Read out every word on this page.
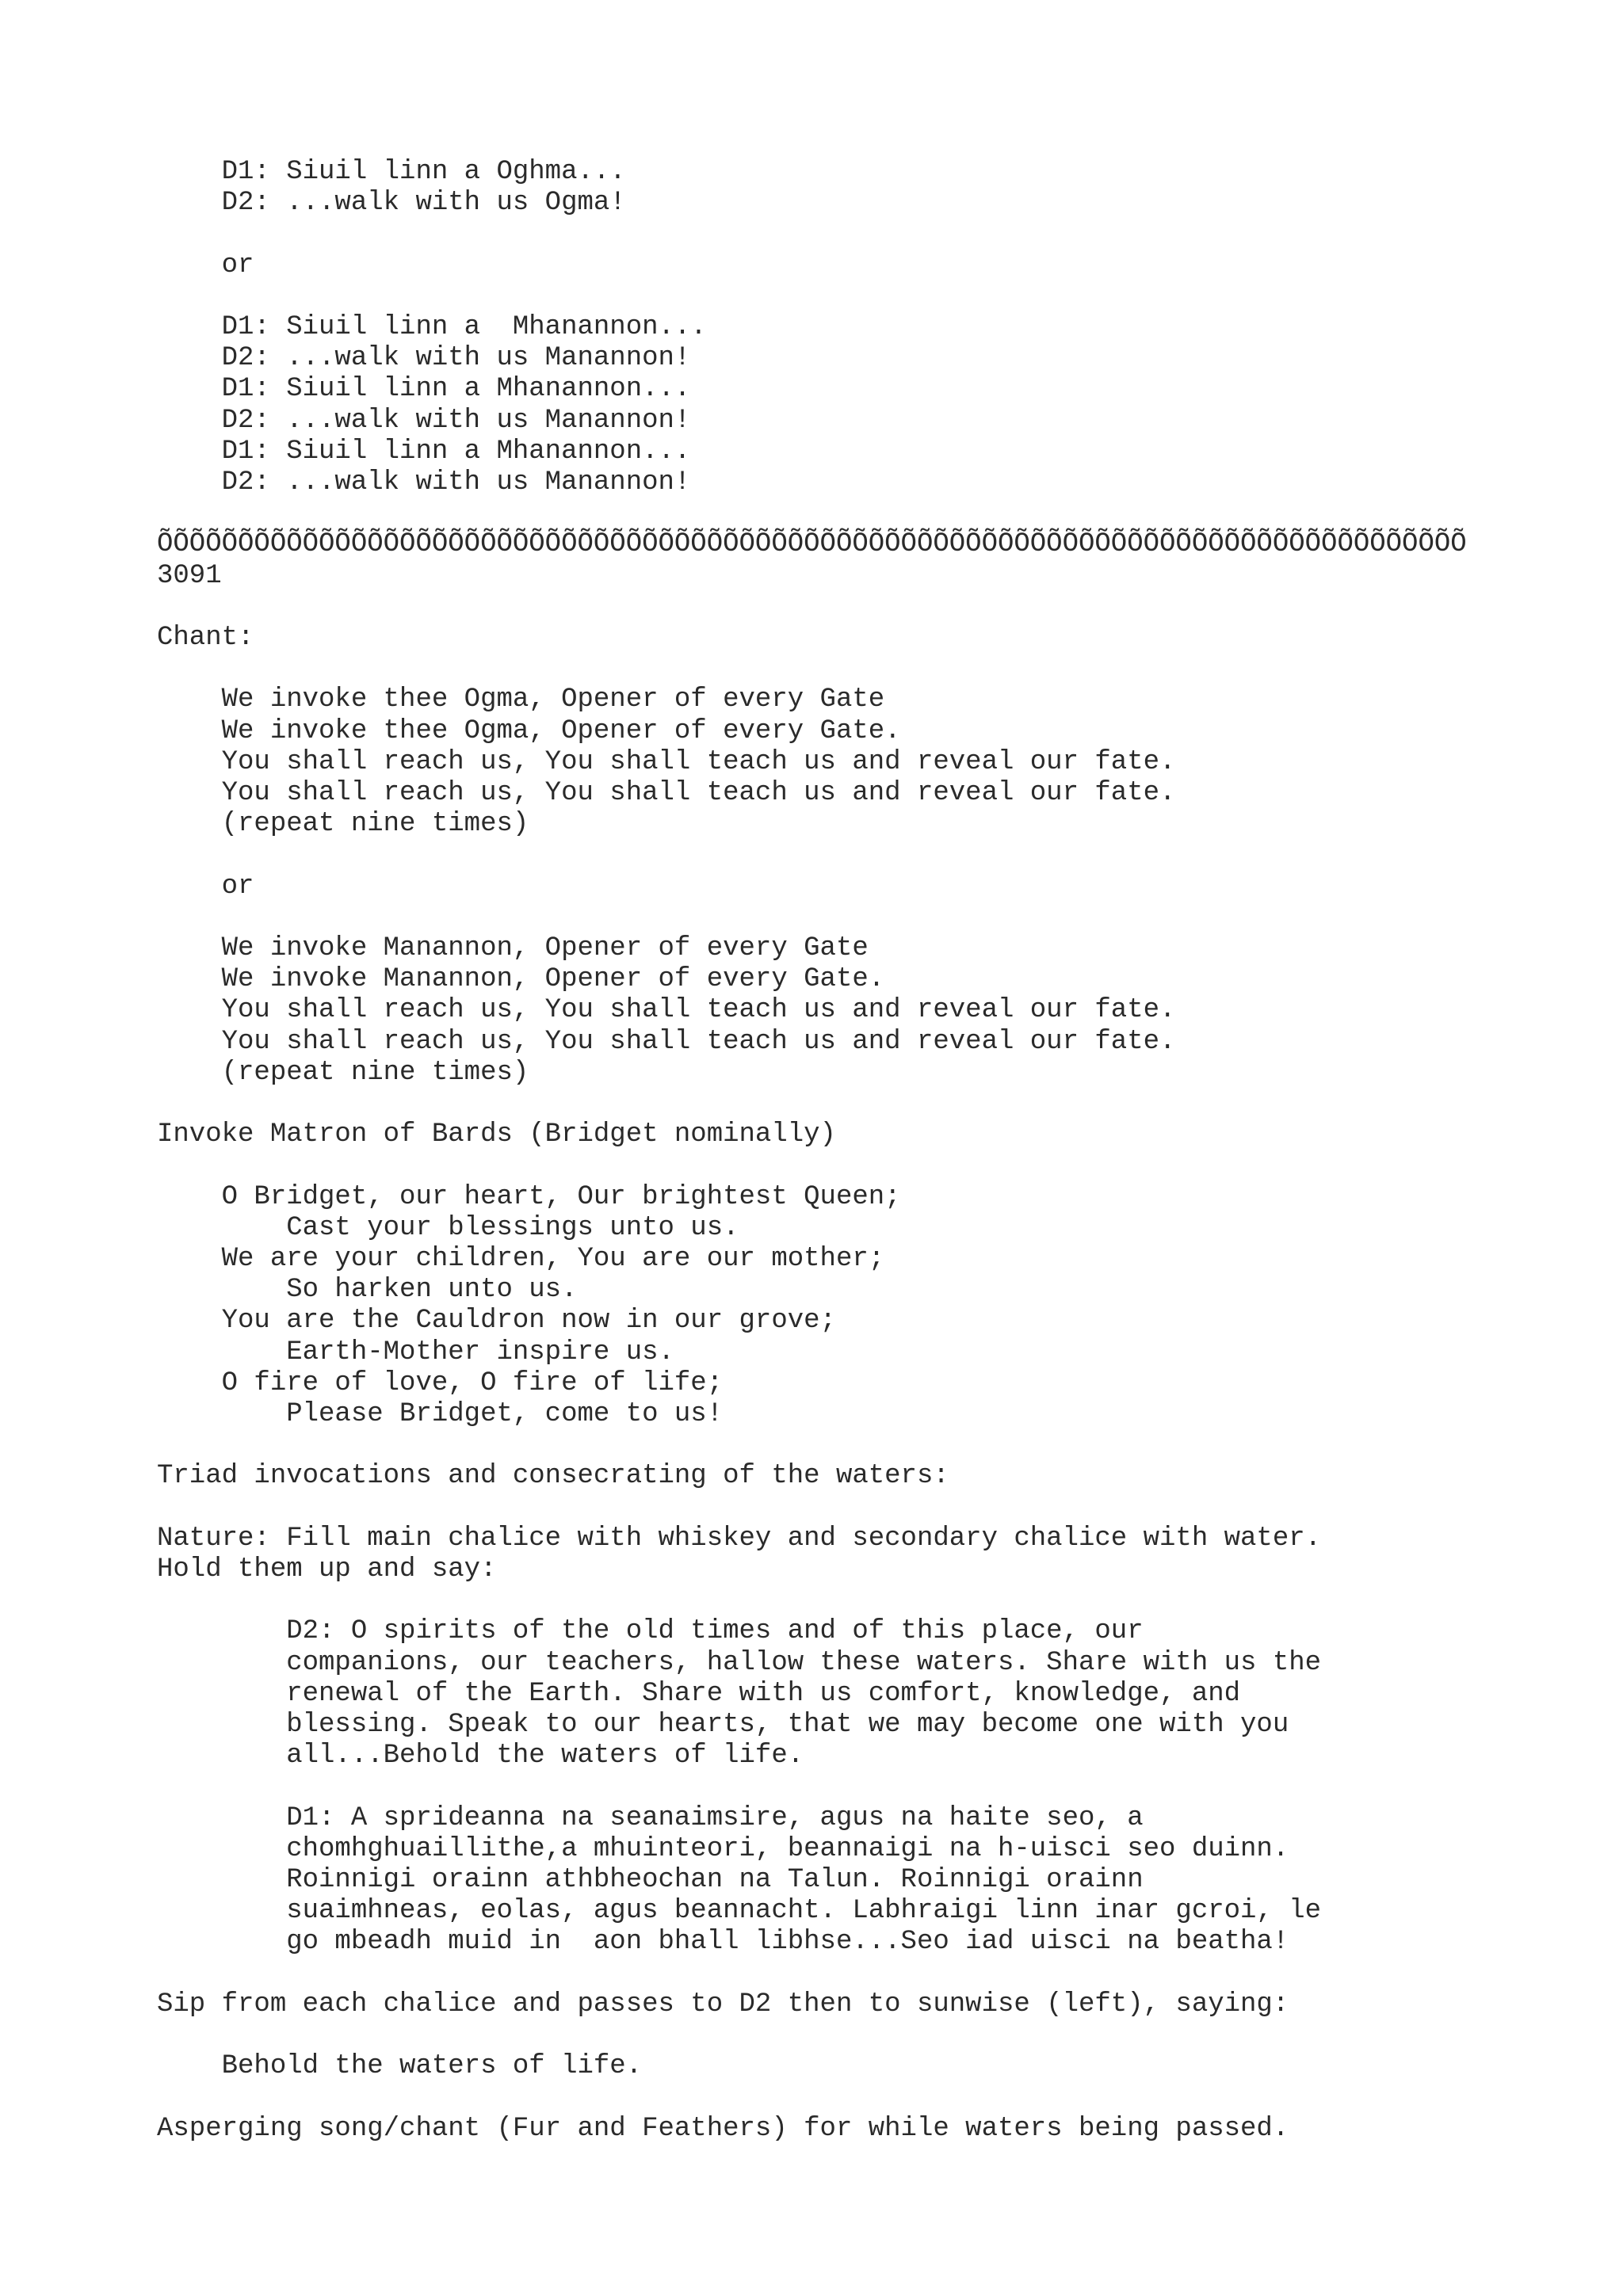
D1: Siuil linn a Oghma...

D2: ...walk with us Ogma!

or

D1: Siuil linn a  Mhanannon...

D2: ...walk with us Manannon!

D1: Siuil linn a Mhanannon...

D2: ...walk with us Manannon!

D1: Siuil linn a Mhanannon...

D2: ...walk with us Manannon!

ÕÕÕÕÕÕÕÕÕÕÕÕÕÕÕÕÕÕÕÕÕÕÕÕÕÕÕÕÕÕÕÕÕÕÕÕÕÕÕÕÕÕÕÕÕÕÕÕÕÕÕÕÕÕÕÕÕÕÕÕÕÕÕÕÕÕÕÕÕÕÕÕÕÕÕÕÕÕÕÕÕ

3091

Chant:

We invoke thee Ogma, Opener of every Gate

We invoke thee Ogma, Opener of every Gate.

You shall reach us, You shall teach us and reveal our fate.

You shall reach us, You shall teach us and reveal our fate.

(repeat nine times)

or

We invoke Manannon, Opener of every Gate

We invoke Manannon, Opener of every Gate.

You shall reach us, You shall teach us and reveal our fate.

You shall reach us, You shall teach us and reveal our fate.

(repeat nine times)

Invoke Matron of Bards (Bridget nominally)

O Bridget, our heart, Our brightest Queen;

Cast your blessings unto us.

We are your children, You are our mother;

So harken unto us.

You are the Cauldron now in our grove;

Earth-Mother inspire us.

O fire of love, O fire of life;

Please Bridget, come to us!

Triad invocations and consecrating of the waters:

Nature: Fill main chalice with whiskey and secondary chalice with water.

Hold them up and say:

D2: O spirits of the old times and of this place, our

companions, our teachers, hallow these waters. Share with us the

renewal of the Earth. Share with us comfort, knowledge, and

blessing. Speak to our hearts, that we may become one with you

all...Behold the waters of life.

D1: A sprideanna na seanaimsire, agus na haite seo, a

chomhghuaillithe,a mhuinteori, beannaigi na h-uisci seo duinn.

Roinnigi orainn athbheochan na Talun. Roinnigi orainn

suaimhneas, eolas, agus beannacht. Labhraigi linn inar gcroi, le

go mbeadh muid in  aon bhall libhse...Seo iad uisci na beatha!

Sip from each chalice and passes to D2 then to sunwise (left), saying:

Behold the waters of life.

Asperging song/chant (Fur and Feathers) for while waters being passed.
